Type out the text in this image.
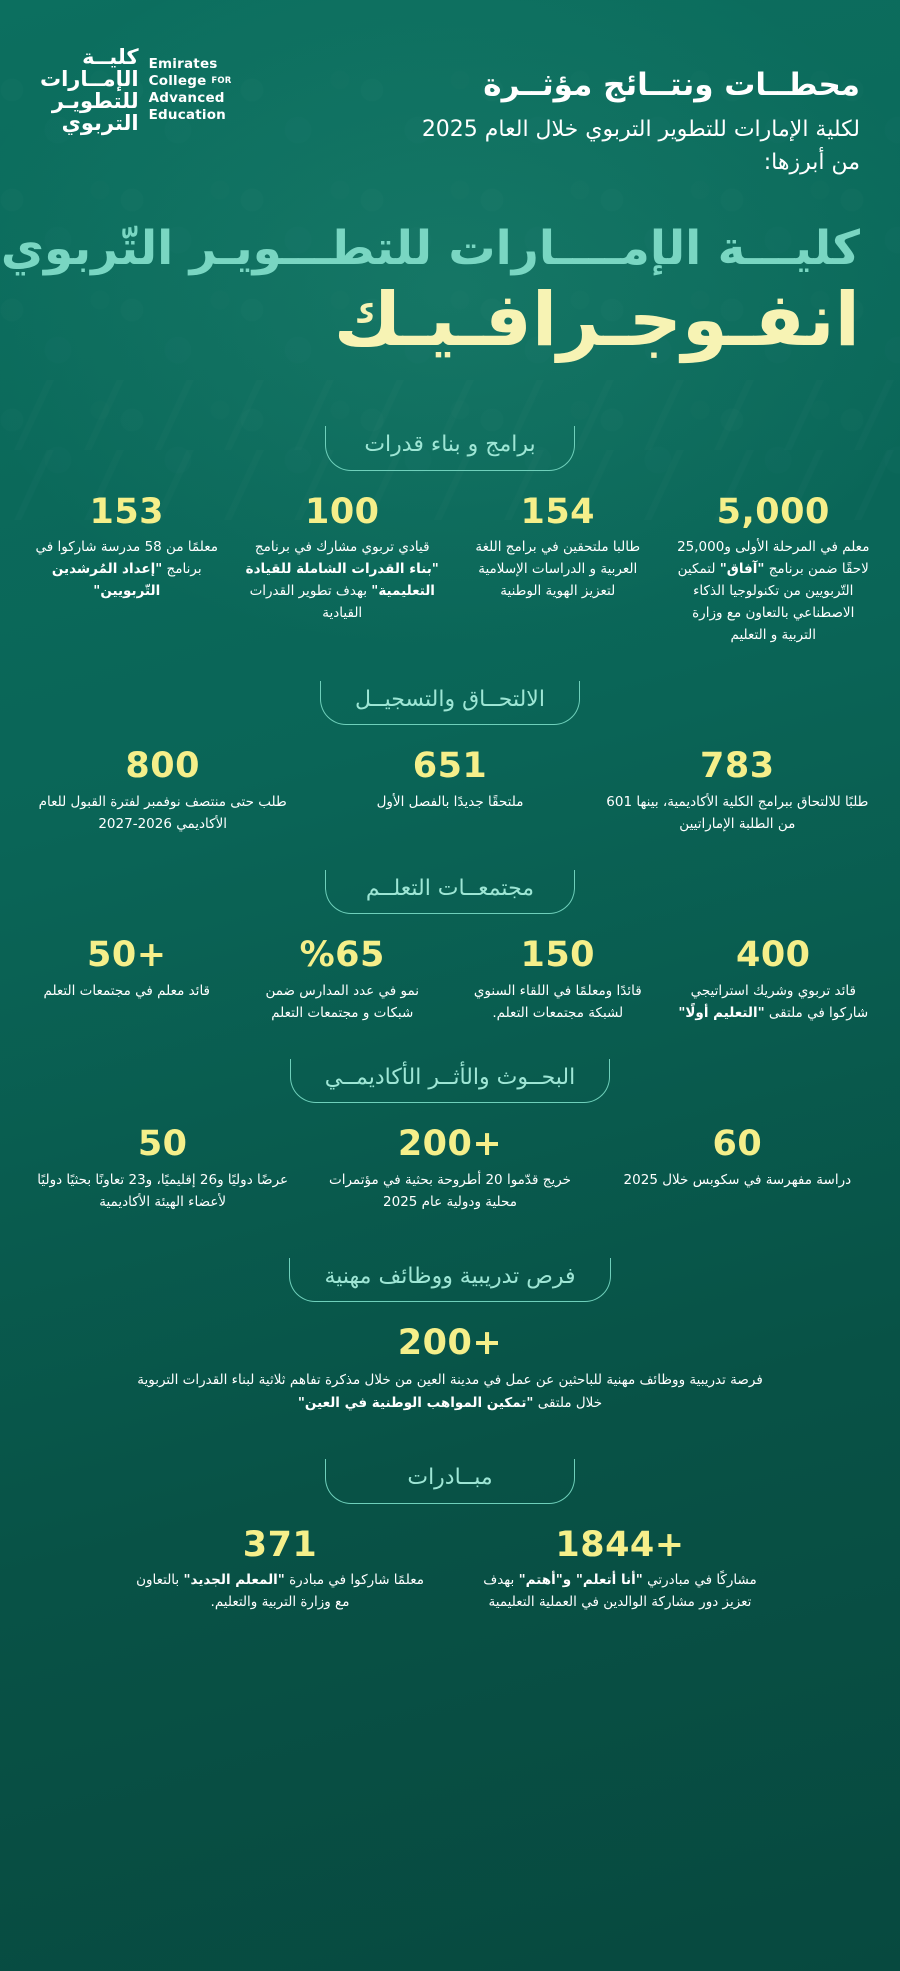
محطــات ونتــائج مؤثــرة
لكلية الإمارات للتطوير التربوي خلال العام 2025
من أبرزها:
كليــة
الإمــارات
للتطويـر
التربوي
Emirates
College FOR
Advanced
Education
كليـــة الإمــــارات للتطـــويـر التّربوي
انفـوجـرافـيـك
برامج و بناء قدرات
5,000
معلم في المرحلة الأولى و25,000 لاحقًا ضمن برنامج "آفاق" لتمكين التّربويين من تكنولوجيا الذكاء الاصطناعي بالتعاون مع وزارة التربية و التعليم
154
طالبا ملتحقين في برامج اللغة العربية و الدراسات الإسلامية لتعزيز الهوية الوطنية
100
قيادي تربوي مشارك في برنامج "بناء القدرات الشاملة للقيادة التعليمية" بهدف تطوير القدرات القيادية
153
معلمًا من 58 مدرسة شاركوا في برنامج "إعداد المُرشدين التّربويين"
الالتحــاق والتسجيــل
783
طلبًا للالتحاق ببرامج الكلية الأكاديمية، بينها 601 من الطلبة الإماراتيين
651
ملتحقًا جديدًا بالفصل الأول
800
طلب حتى منتصف نوفمبر لفترة القبول للعام الأكاديمي 2026-2027
مجتمعــات التعلــم
400
قائد تربوي وشريك استراتيجي شاركوا في ملتقى "التعليم أولًا"
150
قائدًا ومعلمًا في اللقاء السنوي لشبكة مجتمعات التعلم.
%65
نمو في عدد المدارس ضمن شبكات و مجتمعات التعلم
+50
قائد معلم في مجتمعات التعلم
البحــوث والأثــر الأكاديمــي
60
دراسة مفهرسة في سكوبس خلال 2025
+200
خريج قدّموا 20 أطروحة بحثية في مؤتمرات محلية ودولية عام 2025
50
عرضًا دوليًا و26 إقليميًا، و23 تعاونًا بحثيًا دوليًا لأعضاء الهيئة الأكاديمية
فرص تدريبية ووظائف مهنية
+200
فرصة تدريبية ووظائف مهنية للباحثين عن عمل في مدينة العين من خلال مذكرة تفاهم ثلاثية لبناء القدرات التربوية خلال ملتقى "تمكين المواهب الوطنية في العين"
مبــادرات
+1844
مشاركًا في مبادرتي "أنا أتعلم" و"أهتم" بهدف تعزيز دور مشاركة الوالدين في العملية التعليمية
371
معلمًا شاركوا في مبادرة "المعلم الجديد" بالتعاون مع وزارة التربية والتعليم.
